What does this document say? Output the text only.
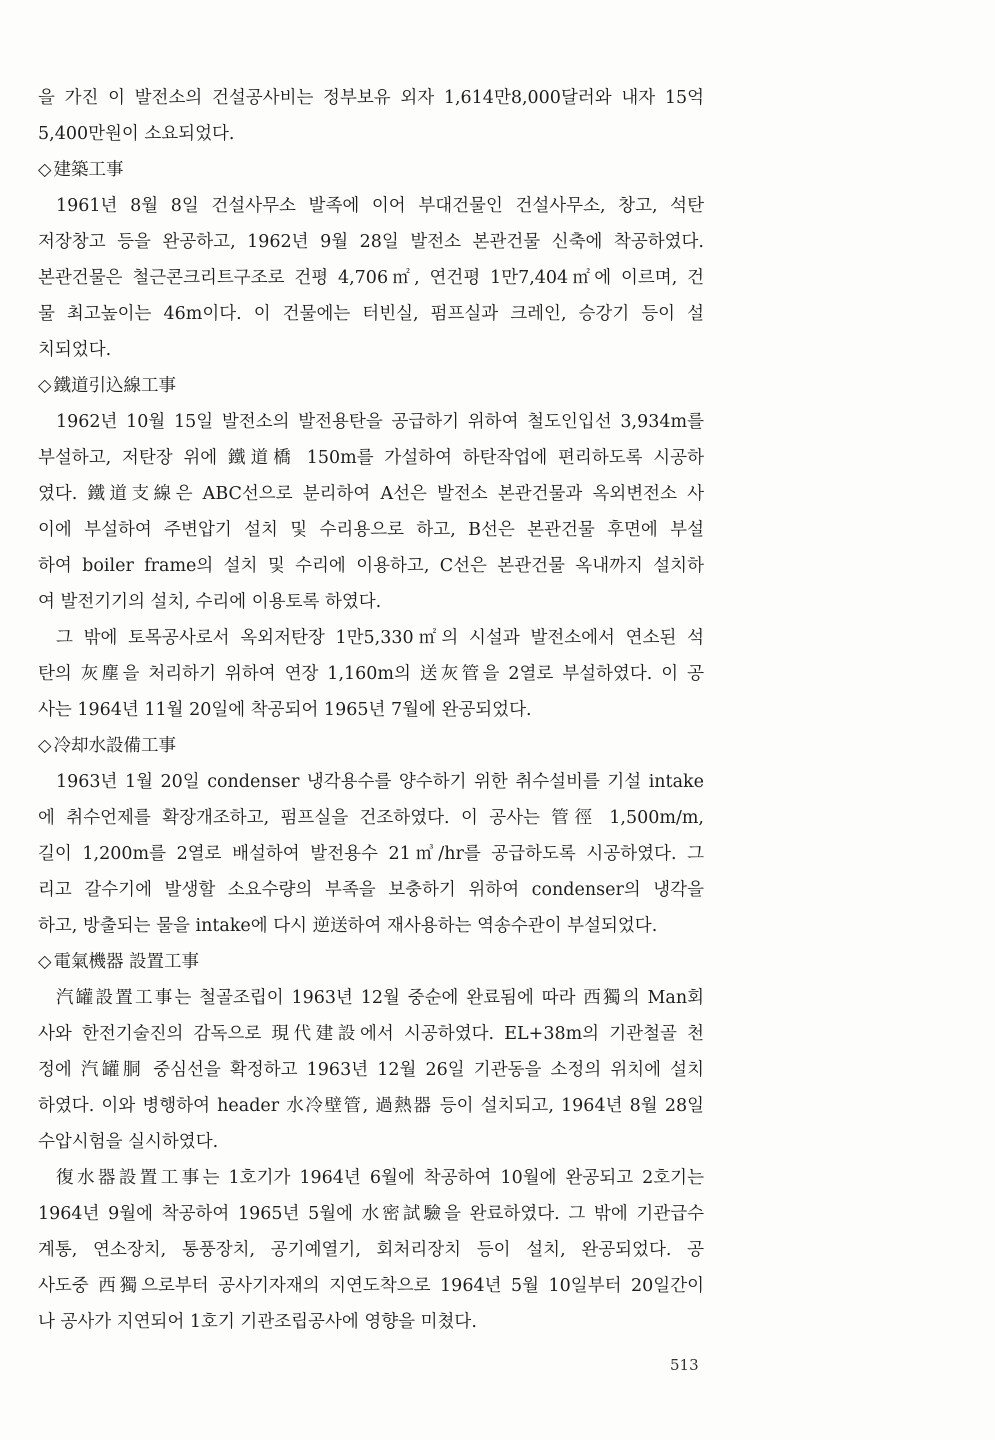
을 가진 이 발전소의 건설공사비는 정부보유 외자 1,614만8,000달러와 내자 15억
5,400만원이 소요되었다.
◇ 建築工事
1961년 8월 8일 건설사무소 발족에 이어 부대건물인 건설사무소, 창고, 석탄
저장창고 등을 완공하고, 1962년 9월 28일 발전소 본관건물 신축에 착공하였다.
본관건물은 철근콘크리트구조로 건평 4,706㎡, 연건평 1만7,404㎡에 이르며, 건
물 최고높이는 46m이다. 이 건물에는 터빈실, 펌프실과 크레인, 승강기 등이 설
치되었다.
◇ 鐵道引込線工事
1962년 10월 15일 발전소의 발전용탄을 공급하기 위하여 철도인입선 3,934m를
부설하고, 저탄장 위에 鐵道橋 150m를 가설하여 하탄작업에 편리하도록 시공하
였다. 鐵道支線은 ABC선으로 분리하여 A선은 발전소 본관건물과 옥외변전소 사
이에 부설하여 주변압기 설치 및 수리용으로 하고, B선은 본관건물 후면에 부설
하여 boiler frame의 설치 및 수리에 이용하고, C선은 본관건물 옥내까지 설치하
여 발전기기의 설치, 수리에 이용토록 하였다.
그 밖에 토목공사로서 옥외저탄장 1만5,330㎡의 시설과 발전소에서 연소된 석
탄의 灰塵을 처리하기 위하여 연장 1,160m의 送灰管을 2열로 부설하였다. 이 공
사는 1964년 11월 20일에 착공되어 1965년 7월에 완공되었다.
◇ 冷却水設備工事
1963년 1월 20일 condenser 냉각용수를 양수하기 위한 취수설비를 기설 intake
에 취수언제를 확장개조하고, 펌프실을 건조하였다. 이 공사는 管徑 1,500m/m,
길이 1,200m를 2열로 배설하여 발전용수 21㎥/hr를 공급하도록 시공하였다. 그
리고 갈수기에 발생할 소요수량의 부족을 보충하기 위하여 condenser의 냉각을
하고, 방출되는 물을 intake에 다시 逆送하여 재사용하는 역송수관이 부설되었다.
◇ 電氣機器 設置工事
汽罐設置工事는 철골조립이 1963년 12월 중순에 완료됨에 따라 西獨의 Man회
사와 한전기술진의 감독으로 現代建設에서 시공하였다. EL+38m의 기관철골 천
정에 汽罐胴 중심선을 확정하고 1963년 12월 26일 기관동을 소정의 위치에 설치
하였다. 이와 병행하여 header 水冷壁管, 過熱器 등이 설치되고, 1964년 8월 28일
수압시험을 실시하였다.
復水器設置工事는 1호기가 1964년 6월에 착공하여 10월에 완공되고 2호기는
1964년 9월에 착공하여 1965년 5월에 水密試驗을 완료하였다. 그 밖에 기관급수
계통, 연소장치, 통풍장치, 공기예열기, 회처리장치 등이 설치, 완공되었다. 공
사도중 西獨으로부터 공사기자재의 지연도착으로 1964년 5월 10일부터 20일간이
나 공사가 지연되어 1호기 기관조립공사에 영향을 미쳤다.
513
